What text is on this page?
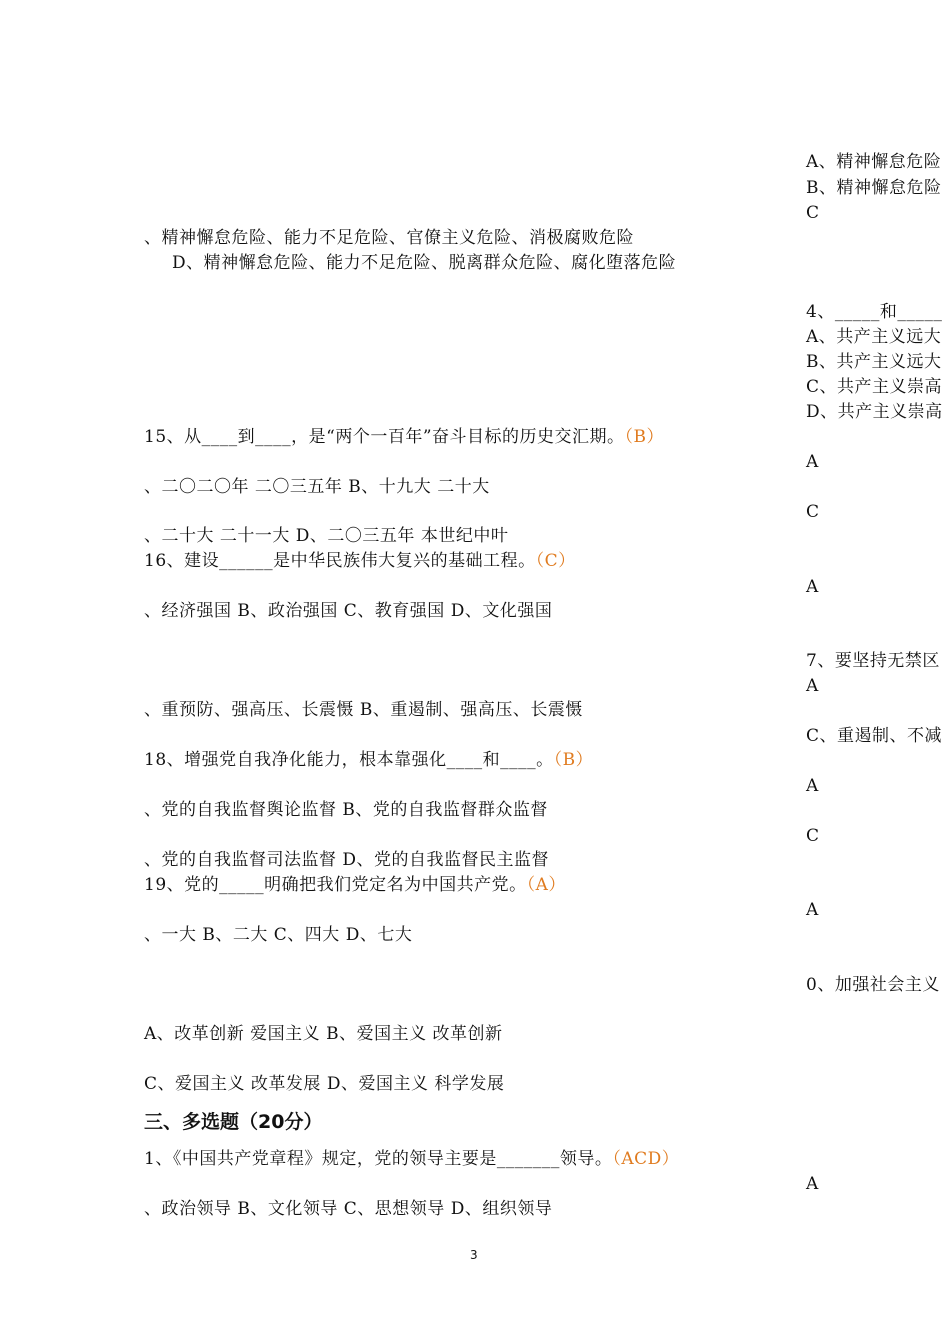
、精神懈怠危险、能力不足危险、官僚主义危险、消极腐败危险
D、精神懈怠危险、能力不足危险、脱离群众危险、腐化堕落危险
15、从____到____，是“两个一百年”奋斗目标的历史交汇期。（B）
、二〇二〇年 二〇三五年 B、十九大 二十大
、二十大 二十一大 D、二〇三五年 本世纪中叶
16、建设______是中华民族伟大复兴的基础工程。（C）
、经济强国 B、政治强国 C、教育强国 D、文化强国
、重预防、强高压、长震慑 B、重遏制、强高压、长震慑
18、增强党自我净化能力，根本靠强化____和____。（B）
、党的自我监督舆论监督 B、党的自我监督群众监督
、党的自我监督司法监督 D、党的自我监督民主监督
19、党的_____明确把我们党定名为中国共产党。（A）
、一大 B、二大 C、四大 D、七大
A、改革创新 爱国主义 B、爱国主义 改革创新
C、爱国主义 改革发展 D、爱国主义 科学发展
三、多选题（20分）
1、《中国共产党章程》规定，党的领导主要是_______领导。（ACD）
、政治领导 B、文化领导 C、思想领导 D、组织领导
A、精神懈怠危险
B、精神懈怠危险
C
4、_____和_____
A、共产主义远大
B、共产主义远大
C、共产主义崇高
D、共产主义崇高
A
C
A
7、要坚持无禁区
A
C、重遏制、不减
A
C
A
0、加强社会主义
A
3
